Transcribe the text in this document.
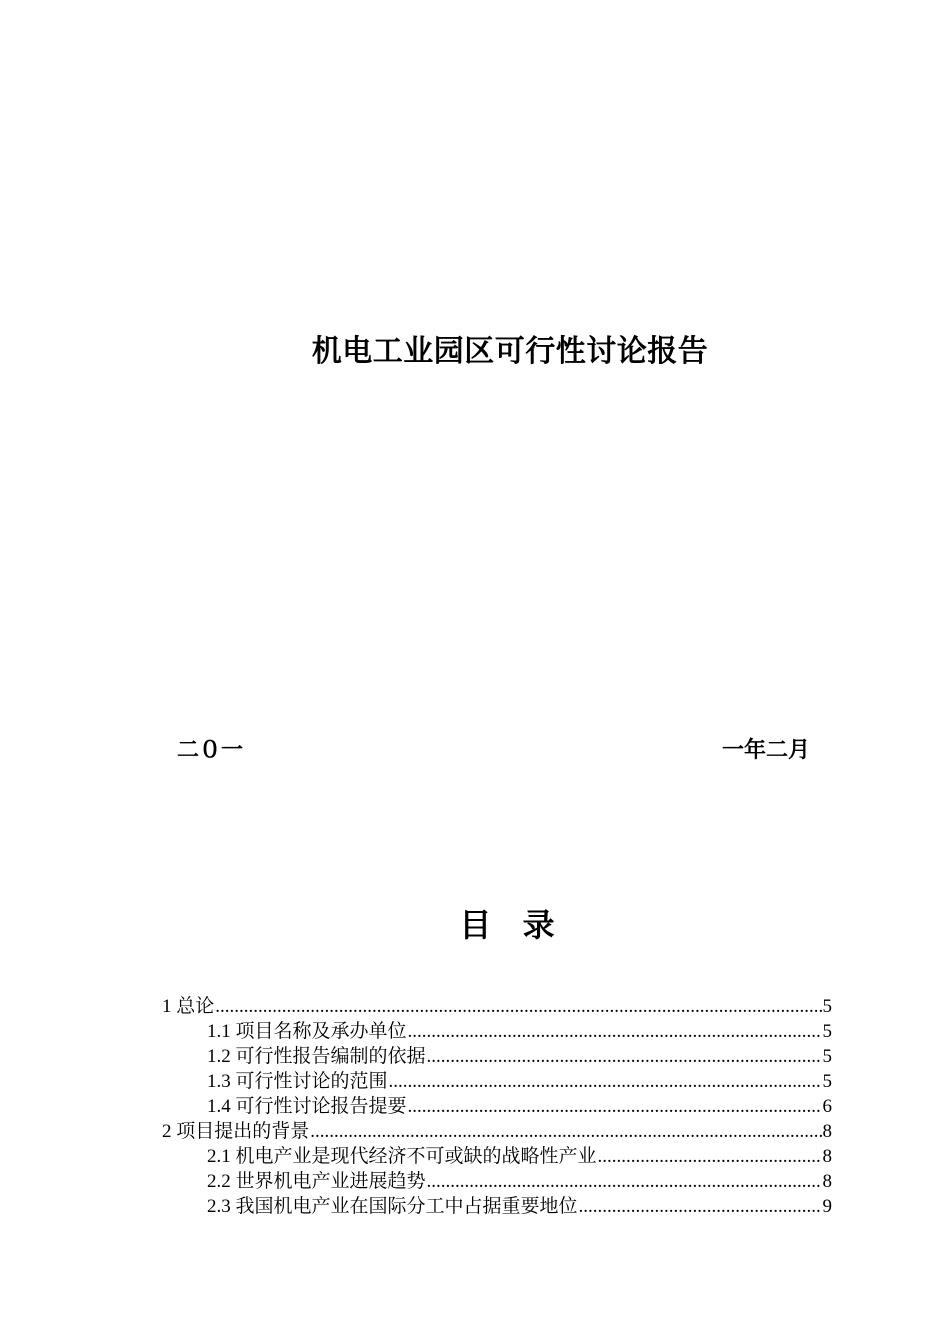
机电工业园区可行性讨论报告
二０一	一年二月
目 录
1 总论 .....	5
1.1 项目名称及承办单位 .....	5
1.2 可行性报告编制的依据 .....	5
1.3 可行性讨论的范围 .....	5
1.4 可行性讨论报告提要 .....	6
2 项目提出的背景 .....	8
2.1 机电产业是现代经济不可或缺的战略性产业 .....	8
2.2 世界机电产业进展趋势 .....	8
2.3 我国机电产业在国际分工中占据重要地位 .....	9
